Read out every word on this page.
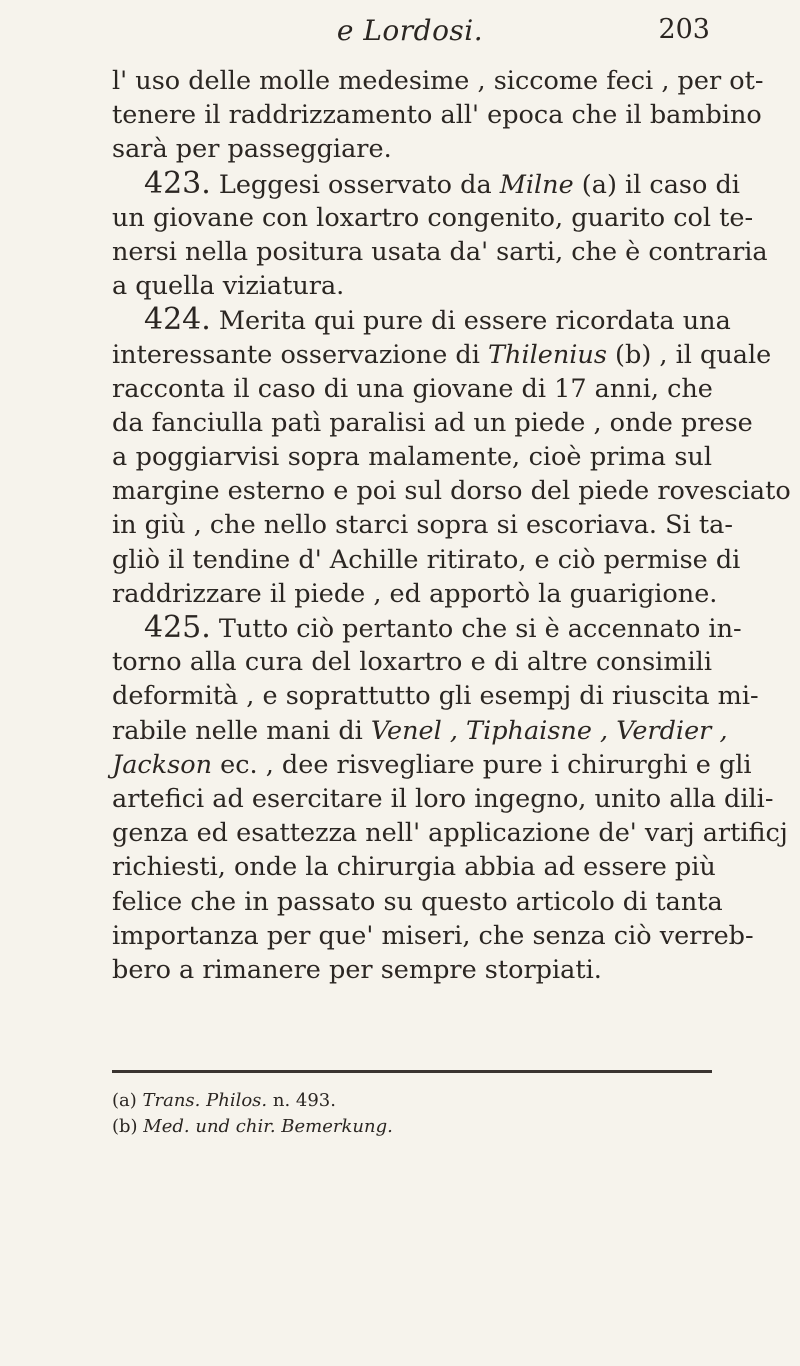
e Lordosi.	203
l' uso delle molle medesime , siccome feci , per ot-
tenere il raddrizzamento all' epoca che il bambino
sarà per passeggiare.
423. Leggesi osservato da Milne (a) il caso di
un giovane con loxartro congenito, guarito col te-
nersi nella positura usata da' sarti, che è contraria
a quella viziatura.
424. Merita qui pure di essere ricordata una
interessante osservazione di Thilenius (b) , il quale
racconta il caso di una giovane di 17 anni, che
da fanciulla patì paralisi ad un piede , onde prese
a poggiarvisi sopra malamente, cioè prima sul
margine esterno e poi sul dorso del piede rovesciato
in giù , che nello starci sopra si escoriava. Si ta-
gliò il tendine d' Achille ritirato, e ciò permise di
raddrizzare il piede , ed apportò la guarigione.
425. Tutto ciò pertanto che si è accennato in-
torno alla cura del loxartro e di altre consimili
deformità , e soprattutto gli esempj di riuscita mi-
rabile nelle mani di Venel , Tiphaisne , Verdier ,
Jackson ec. , dee risvegliare pure i chirurghi e gli
artefici ad esercitare il loro ingegno, unito alla dili-
genza ed esattezza nell' applicazione de' varj artificj
richiesti, onde la chirurgia abbia ad essere più
felice che in passato su questo articolo di tanta
importanza per que' miseri, che senza ciò verreb-
bero a rimanere per sempre storpiati.
(a) Trans. Philos. n. 493.
(b) Med. und chir. Bemerkung.
